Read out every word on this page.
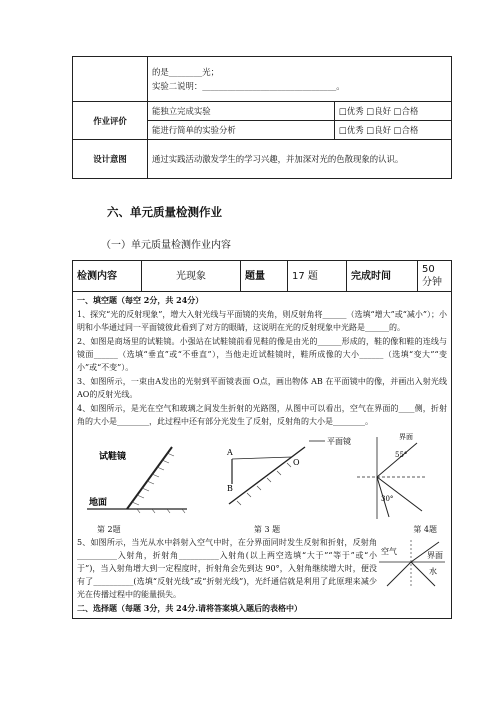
	的是________光；
实验二说明：________________________________。	

作业评价	能独立完成实验	□优秀 □良好 □合格
	能进行简单的实验分析	□优秀 □良好 □合格
设计意图	通过实践活动激发学生的学习兴趣，并加深对光的色散现象的认识。	
六、单元质量检测作业
（一）单元质量检测作业内容
检测内容	光现象	题量	17 题	完成时间	50 分钟

一、填空题（每空 2分，共 24分）

1、探究“光的反射现象”，增大入射光线与平面镜的夹角，则反射角将______（选填“增大”或“减小”）；小明和小华通过同一平面镜彼此看到了对方的眼睛，这说明在光的反射现象中光路是______的。

2、如图是商场里的试鞋镜。小强站在试鞋镜前看见鞋的像是由光的______形成的，鞋的像和鞋的连线与镜面______（选填“垂直”或“不垂直”），当他走近试鞋镜时，鞋所成像的大小______（选填“变大”“变小”或“不变”）。

3、如图所示，一束由A发出的光射到平面镜表面 O点，画出物体 AB 在平面镜中的像，并画出入射光线 AO的反射光线。

4、如图所示，是光在空气和玻璃之间发生折射的光路图，从图中可以看出，空气在界面的____侧，折射角的大小是________，此过程中还有部分光发生了反射，反射角的大小是________。

试鞋镜
地面
A
B
O
平面镜	界面
55°
30°
第 2题	第 3 题	第 4题

5、如图所示，当光从水中斜射入空气中时，在分界面同时发生反射和折射，反射角__________入射角，折射角__________入射角(以上两空选填“大于”“等于”或“小于”)，当入射角增大到一定程度时，折射角会先到达 90°，入射角继续增大时，便没有了__________(选填“反射光线”或“折射光线”)，光纤通信就是利用了此原理来减少光在传播过程中的能量损失。

空气	界面
水

二、选择题（每题 3分，共 24分.请将答案填入题后的表格中）
